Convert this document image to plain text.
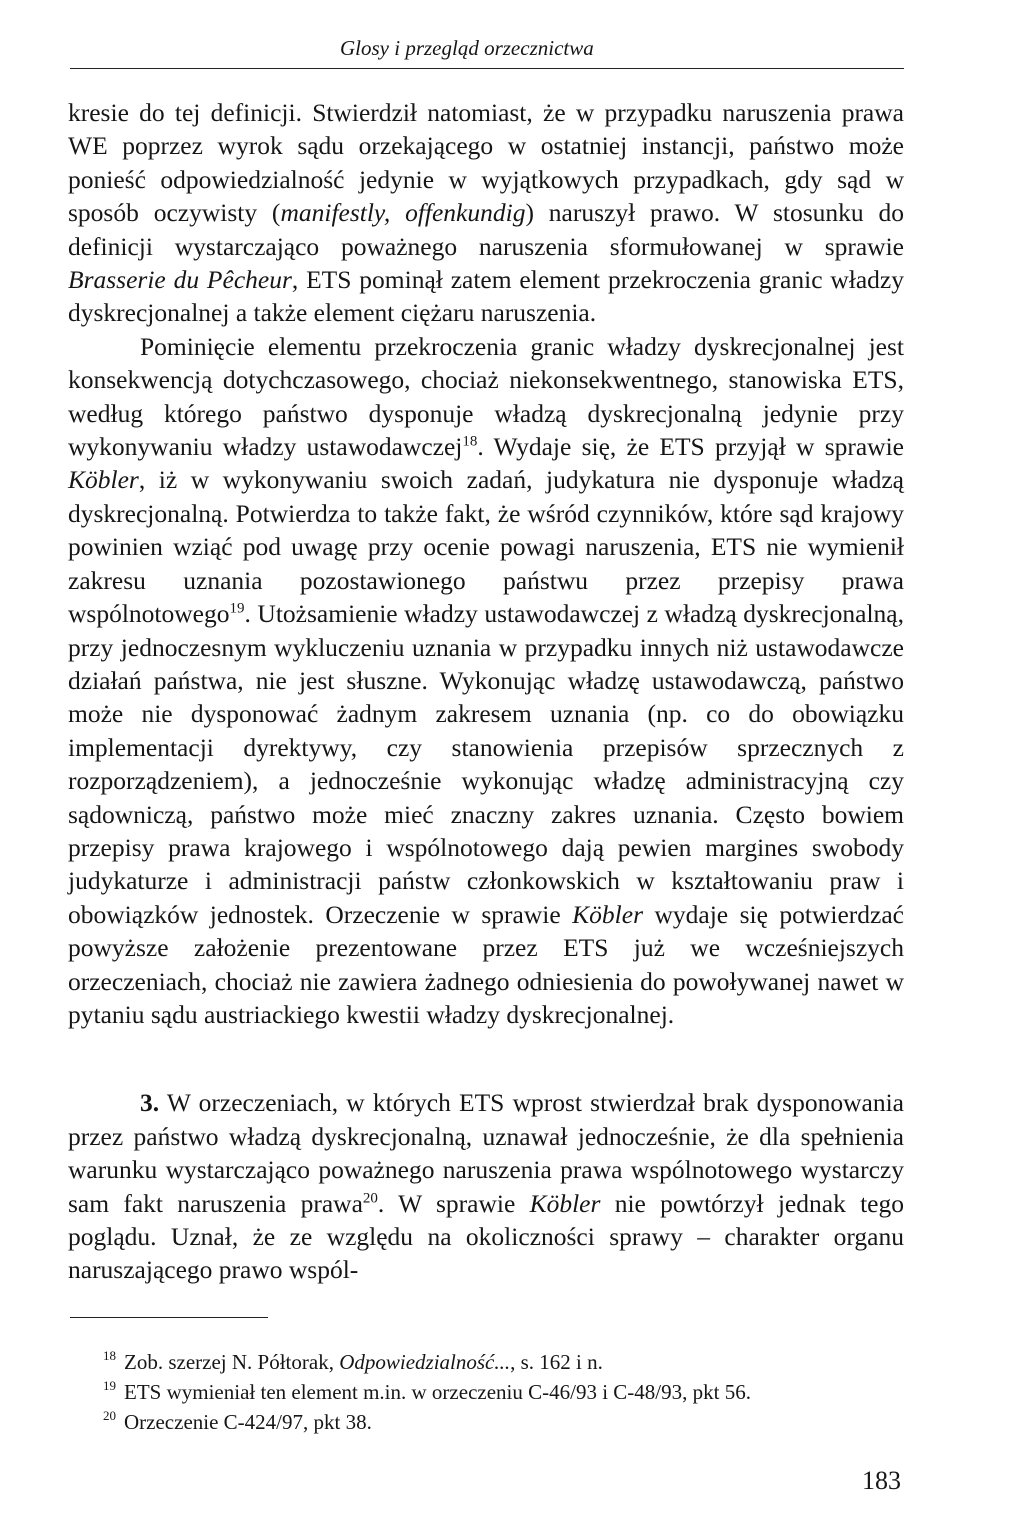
Glosy i przegląd orzecznictwa

kresie do tej definicji. Stwierdził natomiast, że w przypadku naruszenia prawa WE poprzez wyrok sądu orzekającego w ostatniej instancji, państwo może ponieść odpowiedzialność jedynie w wyjątkowych przypadkach, gdy sąd w sposób oczywisty (manifestly, offenkundig) naruszył prawo. W stosunku do definicji wystarczająco poważnego naruszenia sformułowanej w sprawie Brasserie du Pêcheur, ETS pominął zatem element przekroczenia granic władzy dyskrecjonalnej a także element ciężaru naruszenia.

Pominięcie elementu przekroczenia granic władzy dyskrecjonalnej jest konsekwencją dotychczasowego, chociaż niekonsekwentnego, stanowiska ETS, według którego państwo dysponuje władzą dyskrecjonalną jedynie przy wykonywaniu władzy ustawodawczej$^{18}$. Wydaje się, że ETS przyjął w sprawie Köbler, iż w wykonywaniu swoich zadań, judykatura nie dysponuje władzą dyskrecjonalną. Potwierdza to także fakt, że wśród czynników, które sąd krajowy powinien wziąć pod uwagę przy ocenie powagi naruszenia, ETS nie wymienił zakresu uznania pozostawionego państwu przez przepisy prawa wspólnotowego$^{19}$. Utożsamienie władzy ustawodawczej z władzą dyskrecjonalną, przy jednoczesnym wykluczeniu uznania w przypadku innych niż ustawodawcze działań państwa, nie jest słuszne. Wykonując władzę ustawodawczą, państwo może nie dysponować żadnym zakresem uznania (np. co do obowiązku implementacji dyrektywy, czy stanowienia przepisów sprzecznych z rozporządzeniem), a jednocześnie wykonując władzę administracyjną czy sądowniczą, państwo może mieć znaczny zakres uznania. Często bowiem przepisy prawa krajowego i wspólnotowego dają pewien margines swobody judykaturze i administracji państw członkowskich w kształtowaniu praw i obowiązków jednostek. Orzeczenie w sprawie Köbler wydaje się potwierdzać powyższe założenie prezentowane przez ETS już we wcześniejszych orzeczeniach, chociaż nie zawiera żadnego odniesienia do powoływanej nawet w pytaniu sądu austriackiego kwestii władzy dyskrecjonalnej.

3. W orzeczeniach, w których ETS wprost stwierdzał brak dysponowania przez państwo władzą dyskrecjonalną, uznawał jednocześnie, że dla spełnienia warunku wystarczająco poważnego naruszenia prawa wspólnotowego wystarczy sam fakt naruszenia prawa$^{20}$. W sprawie Köbler nie powtórzył jednak tego poglądu. Uznał, że ze względu na okoliczności sprawy – charakter organu naruszającego prawo wspól-

$^{18}$ Zob. szerzej N. Półtorak, Odpowiedzialność..., s. 162 i n.
$^{19}$ ETS wymieniał ten element m.in. w orzeczeniu C-46/93 i C-48/93, pkt 56.
$^{20}$ Orzeczenie C-424/97, pkt 38.
183
